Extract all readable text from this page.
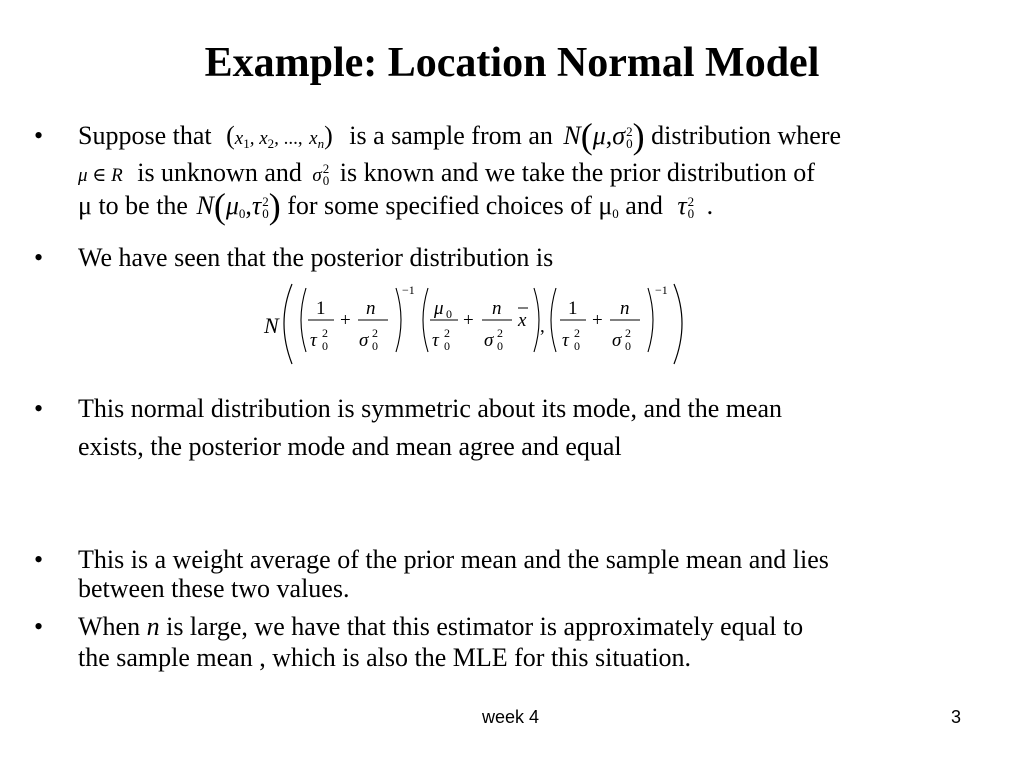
Example: Location Normal Model
• Suppose that ($x_1$, $x_2$, ..., $x_n$) is a sample from an N(μ,σ 2
0 ) distribution where
μ ∈ R is unknown and σ 2
0 is known and we take the prior distribution of
μ to be the $N(\mu_0,\tau$ 2
0 ) for some specified choices of $\mu_0$ and τ 2
0 .
• We have seen that the posterior distribution is
N
1
τ 2
0
+
n
σ 2
0
−1
μ 0
τ 2
0
+
n
σ 2
0
x ,
1
τ 2
0
+
n
σ 2
0
−1
• This normal distribution is symmetric about its mode, and the mean
exists, the posterior mode and mean agree and equal
• This is a weight average of the prior mean and the sample mean and lies
between these two values.
• When n is large, we have that this estimator is approximately equal to
the sample mean , which is also the MLE for this situation.
week 4	3
